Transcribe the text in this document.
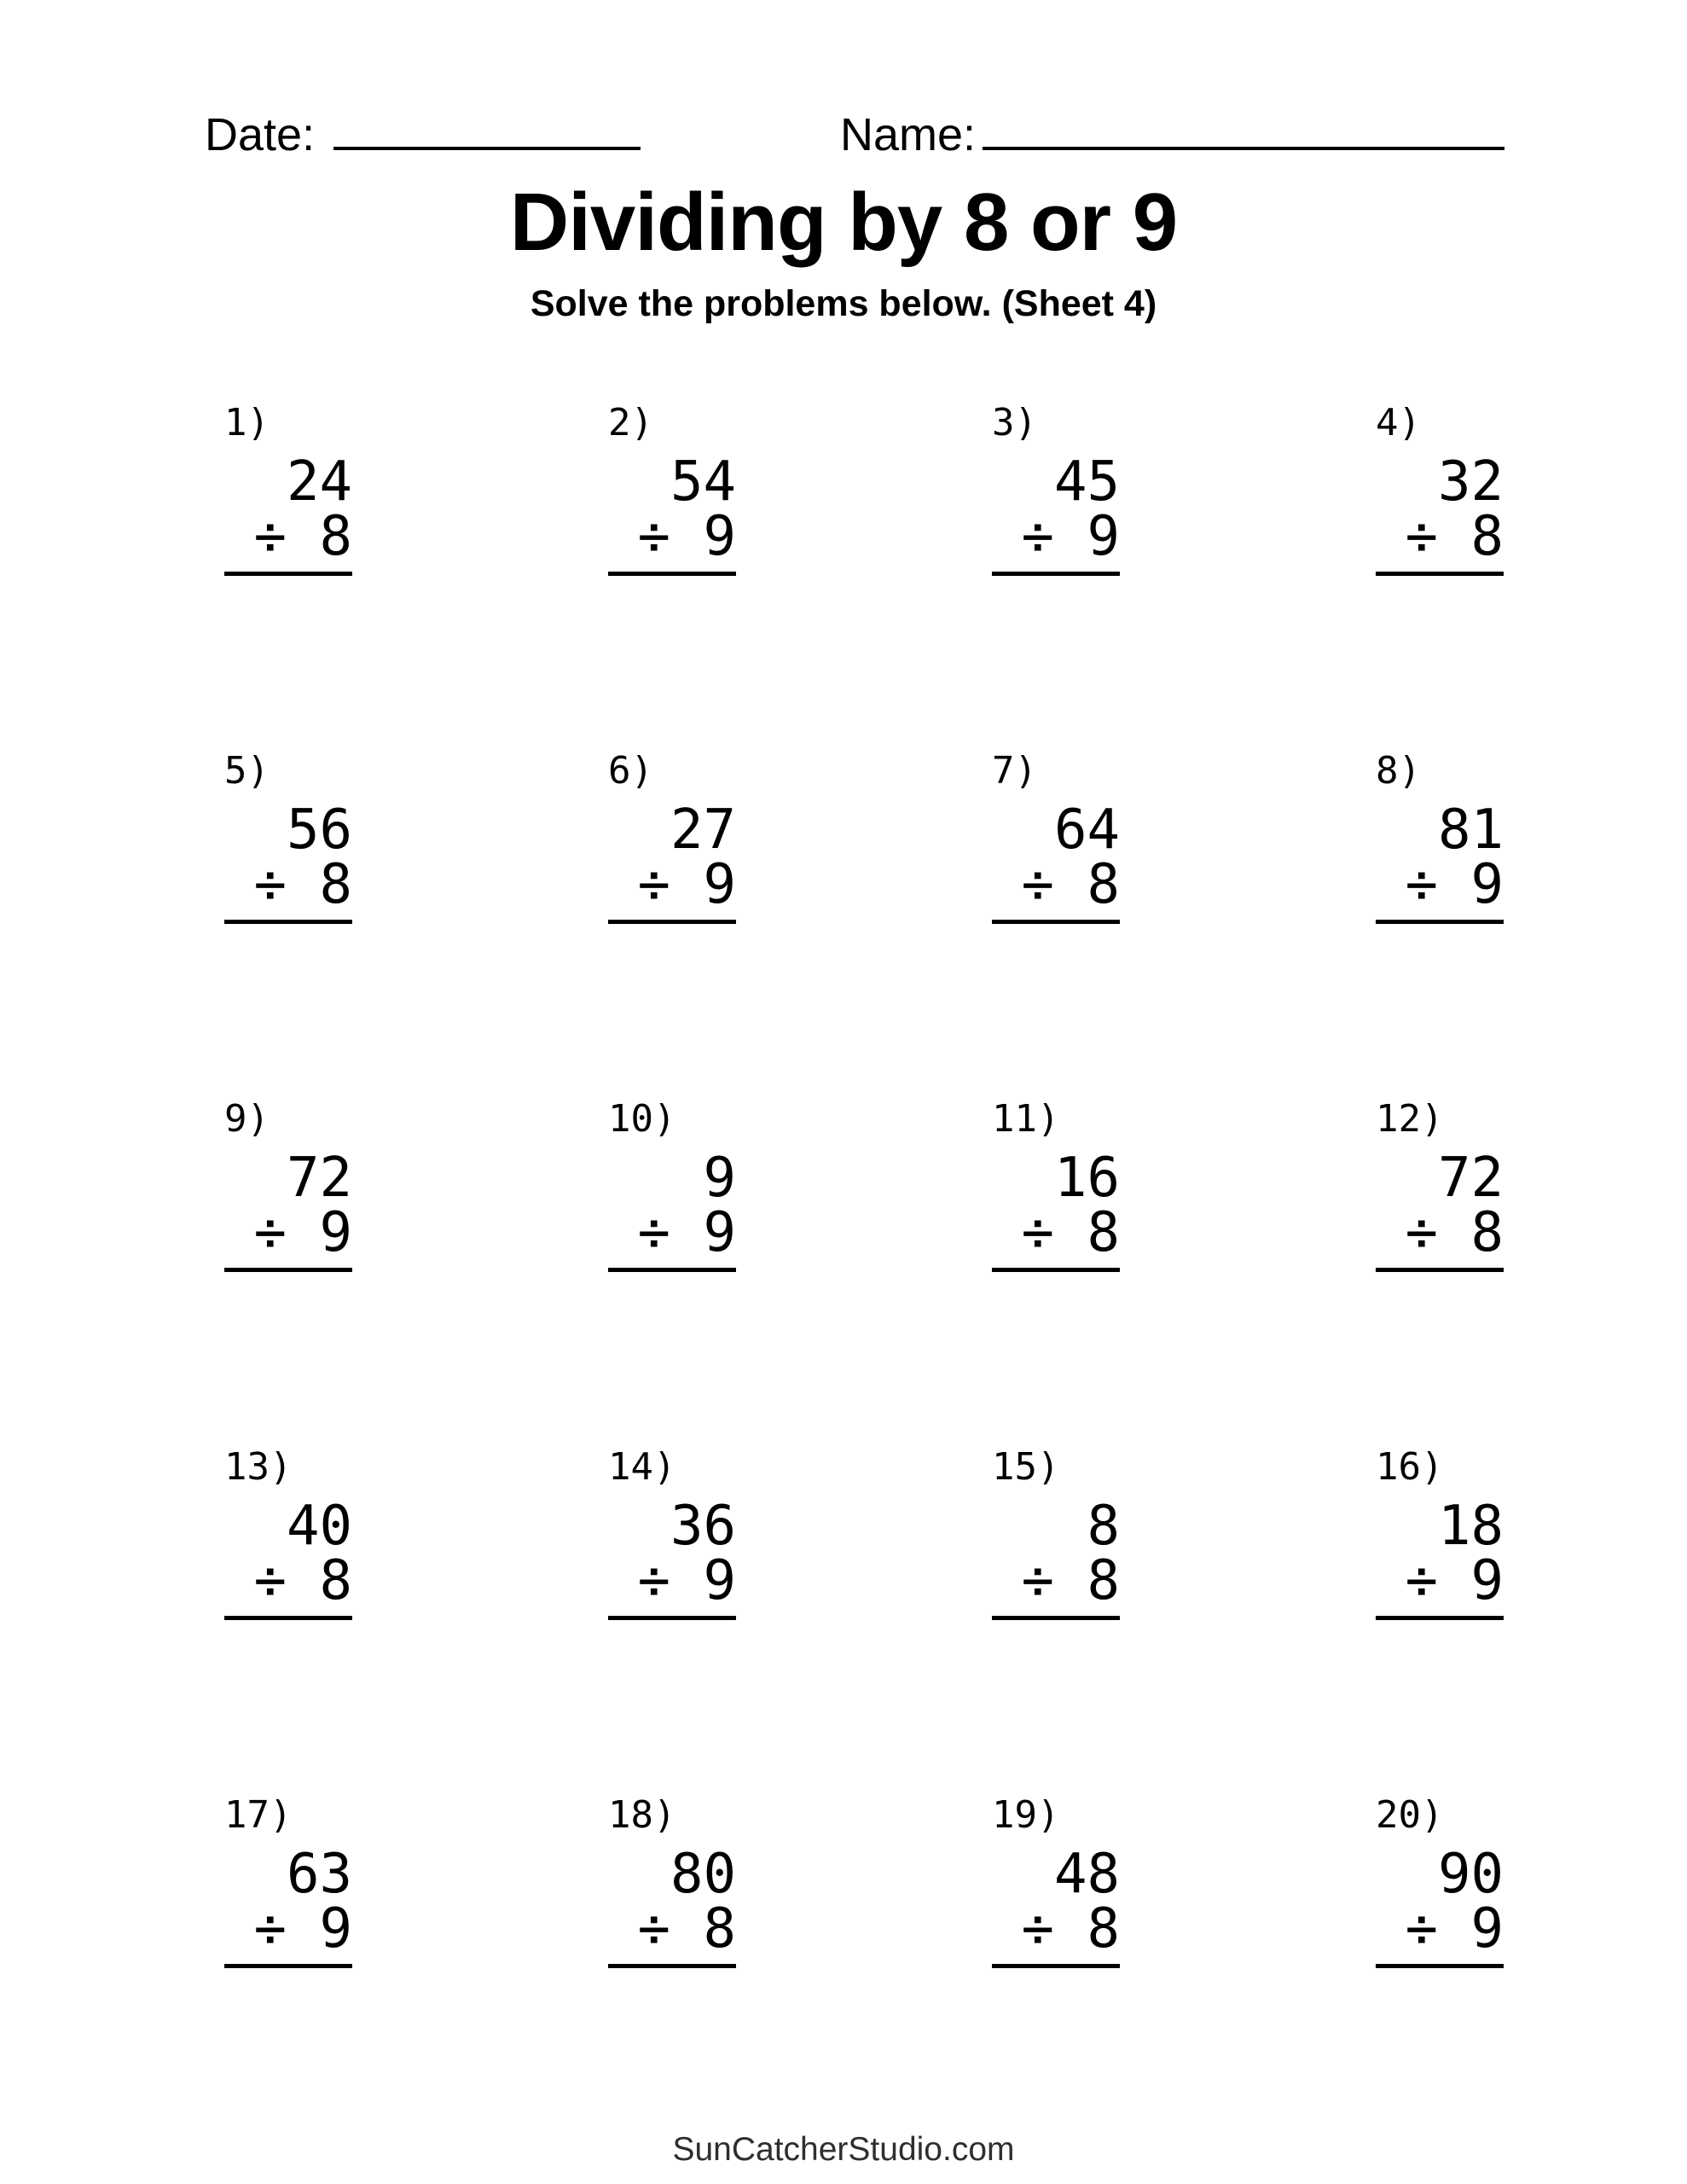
Date:	Name:
Dividing by 8 or 9
Solve the problems below. (Sheet 4)
1)
24
÷ 8
2)
54
÷ 9
3)
45
÷ 9
4)
32
÷ 8
5)
56
÷ 8
6)
27
÷ 9
7)
64
÷ 8
8)
81
÷ 9
9)
72
÷ 9
10)
9
÷ 9
11)
16
÷ 8
12)
72
÷ 8
13)
40
÷ 8
14)
36
÷ 9
15)
8
÷ 8
16)
18
÷ 9
17)
63
÷ 9
18)
80
÷ 8
19)
48
÷ 8
20)
90
÷ 9
SunCatcherStudio.com
